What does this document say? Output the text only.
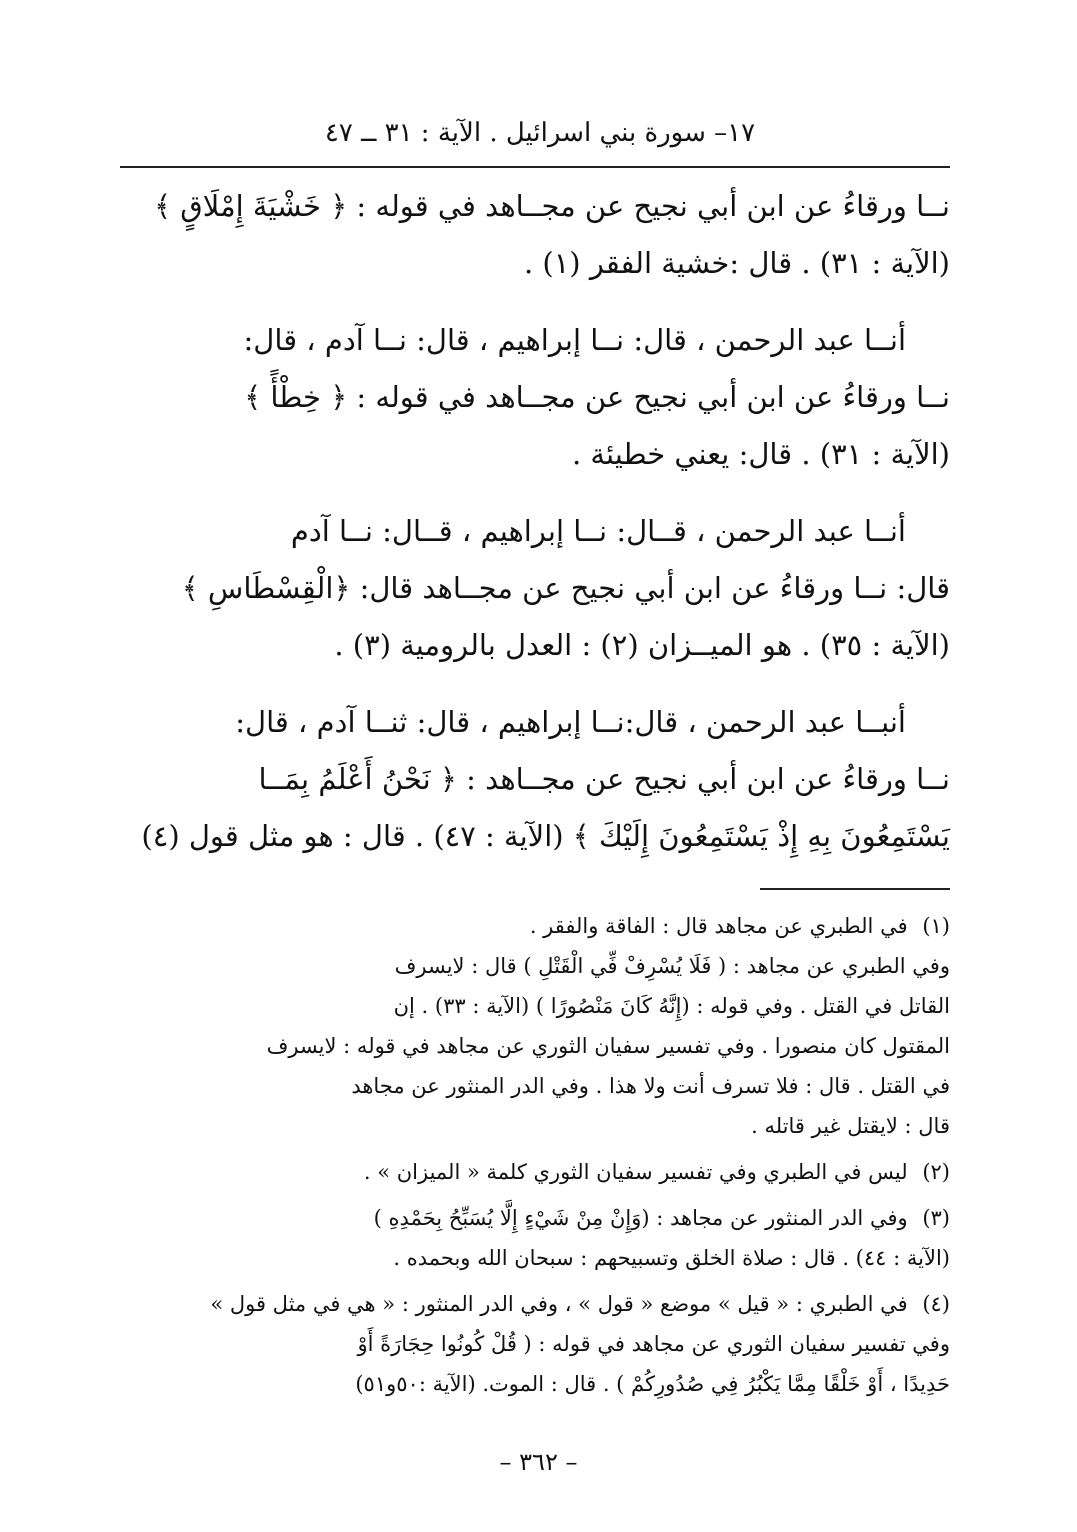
١٧– سورة بني اسرائيل . الآية : ٣١ ــ ٤٧

نــا ورقاءُ عن ابن أبي نجيح عن مجــاهد في قوله : ﴿ خَشْيَةَ إِمْلَاقٍ ﴾
(الآية : ٣١) . قال :خشية الفقر (١) .

أنــا عبد الرحمن ، قال: نــا إبراهيم ، قال: نــا آدم ، قال:
نــا ورقاءُ عن ابن أبي نجيح عن مجــاهد في قوله : ﴿ خِطْأً ﴾
(الآية : ٣١) . قال: يعني خطيئة .

أنــا عبد الرحمن ، قــال: نــا إبراهيم ، قــال: نــا آدم
قال: نــا ورقاءُ عن ابن أبي نجيح عن مجــاهد قال: ﴿الْقِسْطَاسِ ﴾
(الآية : ٣٥) . هو الميــزان (٢) : العدل بالرومية (٣) .

أنبــا عبد الرحمن ، قال:نــا إبراهيم ، قال: ثنــا آدم ، قال:
نــا ورقاءُ عن ابن أبي نجيح عن مجــاهد : ﴿ نَحْنُ أَعْلَمُ بِمَــا
يَسْتَمِعُونَ بِهِ إِذْ يَسْتَمِعُونَ إِلَيْكَ ﴾ (الآية : ٤٧) . قال : هو مثل قول (٤)

(١) في الطبري عن مجاهد قال : الفاقة والفقر .
وفي الطبري عن مجاهد : ( فَلَا يُسْرِفْ فِّي الْقَتْلِ ) قال : لايسرف
القاتل في القتل . وفي قوله : (إِنَّهُ كَانَ مَنْصُورًا ) (الآية : ٣٣) . إن
المقتول كان منصورا . وفي تفسير سفيان الثوري عن مجاهد في قوله : لايسرف
في القتل . قال : فلا تسرف أنت ولا هذا . وفي الدر المنثور عن مجاهد
قال : لايقتل غير قاتله .
(٢) ليس في الطبري وفي تفسير سفيان الثوري كلمة « الميزان » .
(٣) وفي الدر المنثور عن مجاهد : (وَإِنْ مِنْ شَيْءٍ إِلَّا يُسَبِّحُ بِحَمْدِهِ )
(الآية : ٤٤) . قال : صلاة الخلق وتسبيحهم : سبحان الله وبحمده .
(٤) في الطبري : « قيل » موضع « قول » ، وفي الدر المنثور : « هي في مثل قول »
وفي تفسير سفيان الثوري عن مجاهد في قوله : ( قُلْ كُونُوا حِجَارَةً أَوْ
حَدِيدًا ، أَوْ خَلْقًا مِمَّا يَكْبُرُ فِي صُدُورِكُمْ ) . قال : الموت. (الآية :٥٠و٥١)
– ٣٦٢ –
